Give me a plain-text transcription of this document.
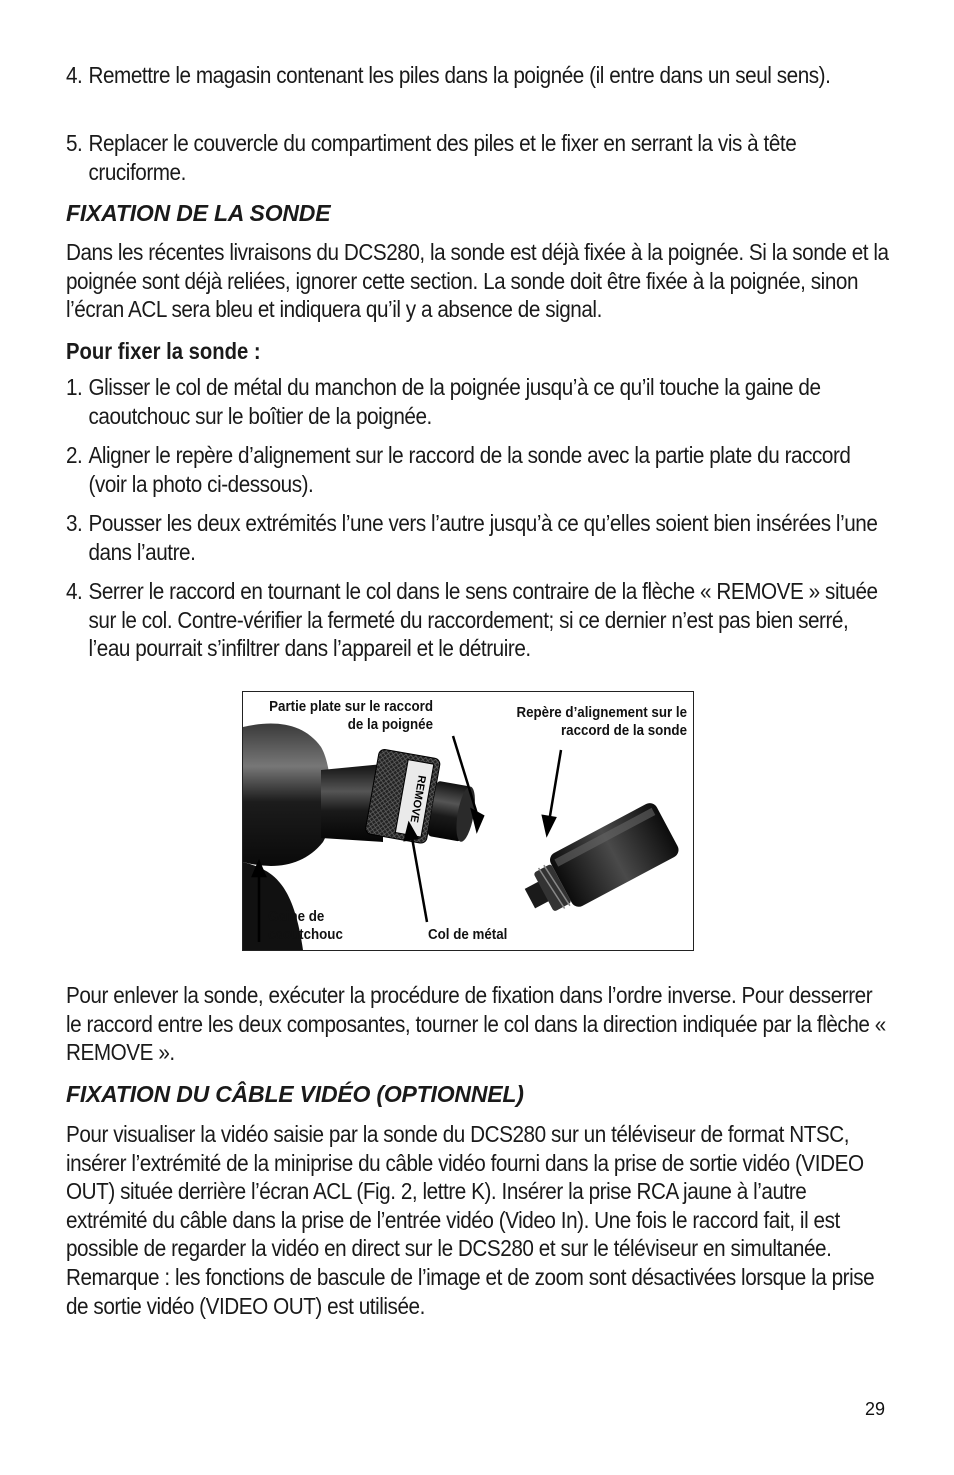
4. Remettre le magasin contenant les piles dans la poignée (il entre dans un seul sens).
5. Replacer le couvercle du compartiment des piles et le fixer en serrant la vis à tête cruciforme.
FIXATION DE LA SONDE
Dans les récentes livraisons du DCS280, la sonde est déjà fixée à la poignée. Si la sonde et la poignée sont déjà reliées, ignorer cette section. La sonde doit être fixée à la poignée, sinon l’écran ACL sera bleu et indiquera qu’il y a absence de signal.
Pour fixer la sonde :
1. Glisser le col de métal du manchon de la poignée jusqu’à ce qu’il touche la gaine de caoutchouc sur le boîtier de la poignée.
2. Aligner le repère d’alignement sur le raccord de la sonde avec la partie plate du raccord (voir la photo ci-dessous).
3. Pousser les deux extrémités l’une vers l’autre jusqu’à ce qu’elles soient bien insérées l’une dans l’autre.
4. Serrer le raccord en tournant le col dans le sens contraire de la flèche « REMOVE » située sur le col. Contre-vérifier la fermeté du raccordement; si ce dernier n’est pas bien serré, l’eau pourrait s’infiltrer dans l’appareil et le détruire.
REMOVE
Partie plate sur le raccord
de la poignée
Repère d’alignement sur le
raccord de la sonde
Gaine de
caoutchouc	Col de métal
Pour enlever la sonde, exécuter la procédure de fixation dans l’ordre inverse. Pour desserrer le raccord entre les deux composantes, tourner le col dans la direction indiquée par la flèche « REMOVE ».
FIXATION DU CÂBLE VIDÉO (OPTIONNEL)
Pour visualiser la vidéo saisie par la sonde du DCS280 sur un téléviseur de format NTSC, insérer l’extrémité de la miniprise du câble vidéo fourni dans la prise de sortie vidéo (VIDEO OUT) située derrière l’écran ACL (Fig. 2, lettre K). Insérer la prise RCA jaune à l’autre extrémité du câble dans la prise de l’entrée vidéo (Video In). Une fois le raccord fait, il est possible de regarder la vidéo en direct sur le DCS280 et sur le téléviseur en simultanée. Remarque : les fonctions de bascule de l’image et de zoom sont désactivées lorsque la prise de sortie vidéo (VIDEO OUT) est utilisée.
29
